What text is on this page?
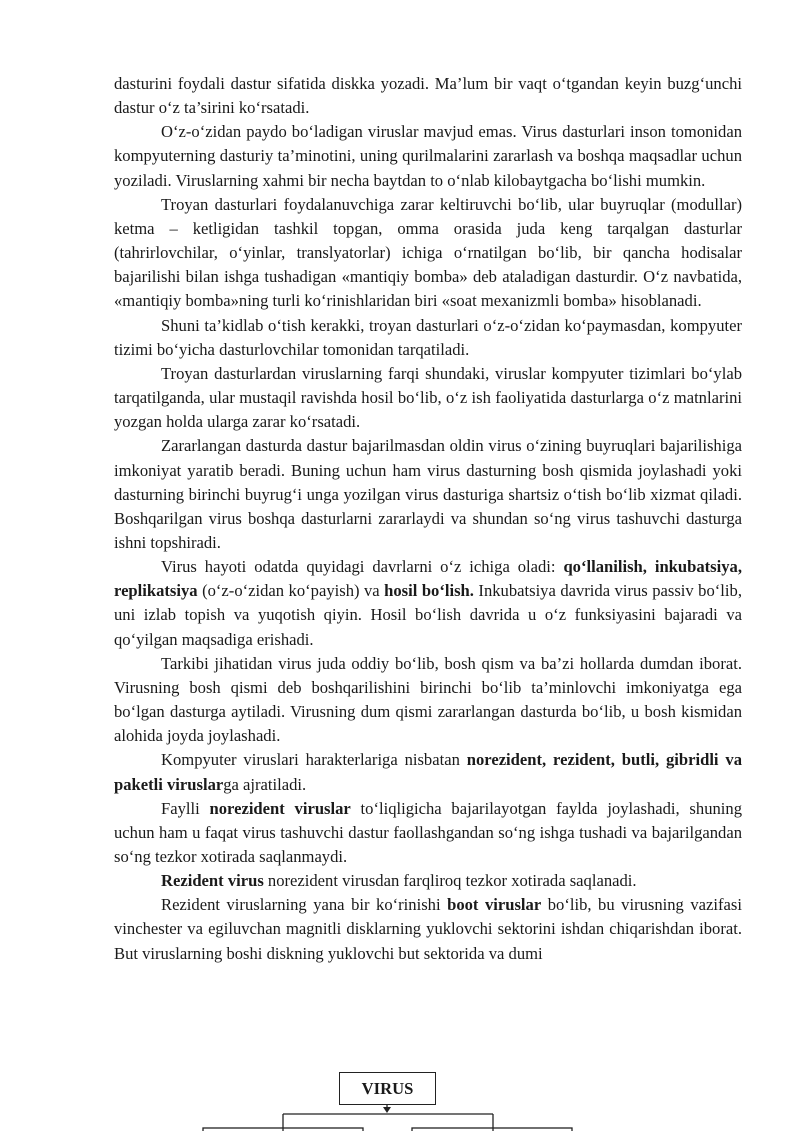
dasturini foydali dastur sifatida diskka yozadi. Ma’lum bir vaqt o‘tgandan keyin buzg‘unchi dastur o‘z ta’sirini ko‘rsatadi.

O‘z-o‘zidan paydo bo‘ladigan viruslar mavjud emas. Virus dasturlari inson tomonidan kompyuterning dasturiy ta’minotini, uning qurilmalarini zararlash va boshqa maqsadlar uchun yoziladi. Viruslarning xahmi bir necha baytdan to o‘nlab kilobaytgacha bo‘lishi mumkin.

Troyan dasturlari foydalanuvchiga zarar keltiruvchi bo‘lib, ular buyruqlar (modullar) ketma – ketligidan tashkil topgan, omma orasida juda keng tarqalgan dasturlar (tahrirlovchilar, o‘yinlar, translyatorlar) ichiga o‘rnatilgan bo‘lib, bir qancha hodisalar bajarilishi bilan ishga tushadigan «mantiqiy bomba» deb ataladigan dasturdir. O‘z navbatida, «mantiqiy bomba»ning turli ko‘rinishlaridan biri «soat mexanizmli bomba» hisoblanadi.

Shuni ta’kidlab o‘tish kerakki, troyan dasturlari o‘z-o‘zidan ko‘paymasdan, kompyuter tizimi bo‘yicha dasturlovchilar tomonidan tarqatiladi.

Troyan dasturlardan viruslarning farqi shundaki, viruslar kompyuter tizimlari bo‘ylab tarqatilganda, ular mustaqil ravishda hosil bo‘lib, o‘z ish faoliyatida dasturlarga o‘z matnlarini yozgan holda ularga zarar ko‘rsatadi.

Zararlangan dasturda dastur bajarilmasdan oldin virus o‘zining buyruqlari bajarilishiga imkoniyat yaratib beradi. Buning uchun ham virus dasturning bosh qismida joylashadi yoki dasturning birinchi buyrug‘i unga yozilgan virus dasturiga shartsiz o‘tish bo‘lib xizmat qiladi. Boshqarilgan virus boshqa dasturlarni zararlaydi va shundan so‘ng virus tashuvchi dasturga ishni topshiradi.

Virus hayoti odatda quyidagi davrlarni o‘z ichiga oladi: qo‘llanilish, inkubatsiya, replikatsiya (o‘z-o‘zidan ko‘payish) va hosil bo‘lish. Inkubatsiya davrida virus passiv bo‘lib, uni izlab topish va yuqotish qiyin. Hosil bo‘lish davrida u o‘z funksiyasini bajaradi va qo‘yilgan maqsadiga erishadi.

Tarkibi jihatidan virus juda oddiy bo‘lib, bosh qism va ba’zi hollarda dumdan iborat. Virusning bosh qismi deb boshqarilishini birinchi bo‘lib ta’minlovchi imkoniyatga ega bo‘lgan dasturga aytiladi. Virusning dum qismi zararlangan dasturda bo‘lib, u bosh kismidan alohida joyda joylashadi.

Kompyuter viruslari harakterlariga nisbatan norezident, rezident, butli, gibridli va paketli viruslarga ajratiladi.

Faylli norezident viruslar to‘liqligicha bajarilayotgan faylda joylashadi, shuning uchun ham u faqat virus tashuvchi dastur faollashgandan so‘ng ishga tushadi va bajarilgandan so‘ng tezkor xotirada saqlanmaydi.

Rezident virus norezident virusdan farqliroq tezkor xotirada saqlanadi.

Rezident viruslarning yana bir ko‘rinishi boot viruslar bo‘lib, bu virusning vazifasi vinchester va egiluvchan magnitli disklarning yuklovchi sektorini ishdan chiqarishdan iborat. But viruslarning boshi diskning yuklovchi but sektorida va dumi

VIRUS
